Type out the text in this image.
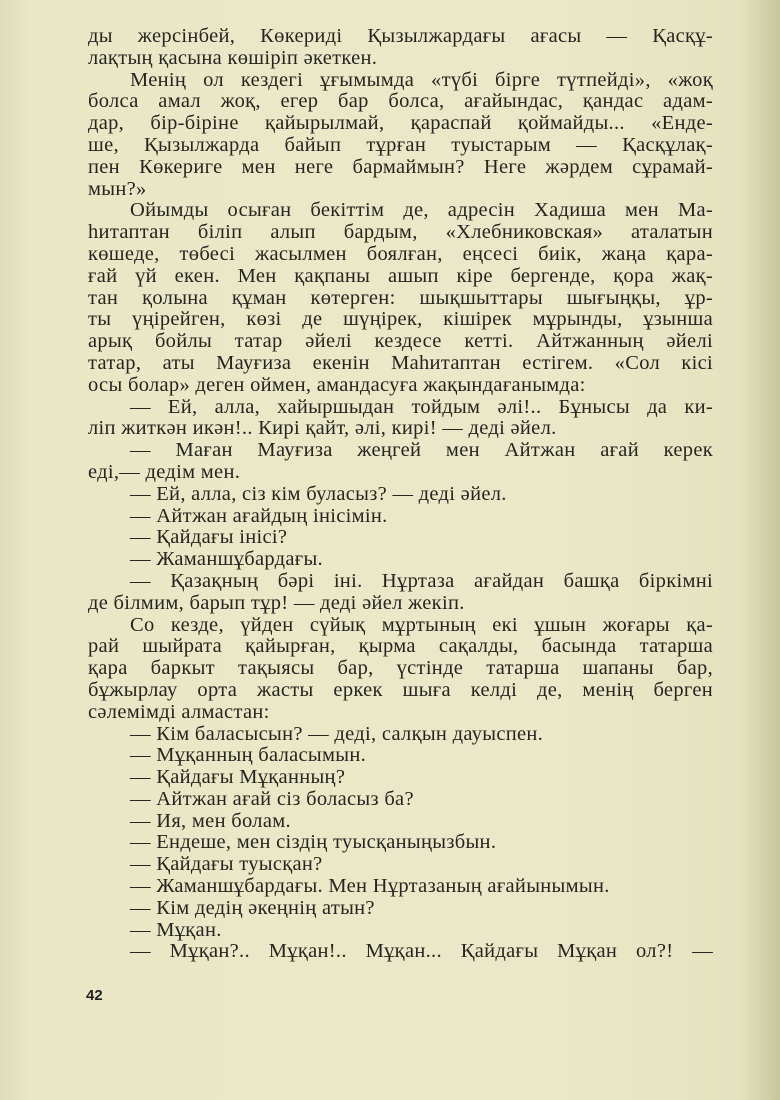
ды жерсінбей, Көкериді Қызылжардағы ағасы — Қасқұ-
лақтың қасына көшіріп әкеткен.
Менің ол кездегі ұғымымда «түбі бірге түтпейді», «жоқ
болса амал жоқ, егер бар болса, ағайындас, қандас адам-
дар, бір-біріне қайырылмай, қараспай қоймайды... «Енде-
ше, Қызылжарда байып тұрған туыстарым — Қасқұлақ-
пен Көкериге мен неге бармаймын? Неге жәрдем сұрамай-
мын?»
Ойымды осыған бекіттім де, адресін Хадиша мен Ма-
һитаптан біліп алып бардым, «Хлебниковская» аталатын
көшеде, төбесі жасылмен боялған, еңсесі биік, жаңа қара-
ғай үй екен. Мен қақпаны ашып кіре бергенде, қора жақ-
тан қолына құман көтерген: шықшыттары шығыңқы, ұр-
ты үңірейген, көзі де шүңірек, кішірек мұрынды, ұзынша
арық бойлы татар әйелі кездесе кетті. Айтжанның әйелі
татар, аты Мауғиза екенін Маһитаптан естігем. «Сол кісі
осы болар» деген оймен, амандасуға жақындағанымда:
— Ей, алла, хайыршыдан тойдым әлі!.. Бұнысы да ки-
ліп житкән икән!.. Кирі қайт, әлі, кирі! — деді әйел.
— Маған Мауғиза жеңгей мен Айтжан ағай керек
еді,— дедім мен.
— Ей, алла, сіз кім буласыз? — деді әйел.
— Айтжан ағайдың інісімін.
— Қайдағы інісі?
— Жаманшұбардағы.
— Қазақның бәрі іні. Нұртаза ағайдан башқа біркімні
де білмим, барып тұр! — деді әйел жекіп.
Со кезде, үйден сүйық мұртының екі ұшын жоғары қа-
рай шыйрата қайырған, қырма сақалды, басында татарша
қара баркыт тақыясы бар, үстінде татарша шапаны бар,
бұжырлау орта жасты еркек шыға келді де, менің берген
сәлемімді алмастан:
— Кім баласысын? — деді, салқын дауыспен.
— Мұқанның баласымын.
— Қайдағы Мұқанның?
— Айтжан ағай сіз боласыз ба?
— Ия, мен болам.
— Ендеше, мен сіздің туысқаныңызбын.
— Қайдағы туысқан?
— Жаманшұбардағы. Мен Нұртазаның ағайынымын.
— Кім дедің әкеңнің атын?
— Мұқан.
— Мұқан?.. Мұқан!.. Мұқан... Қайдағы Мұқан ол?! —
42
